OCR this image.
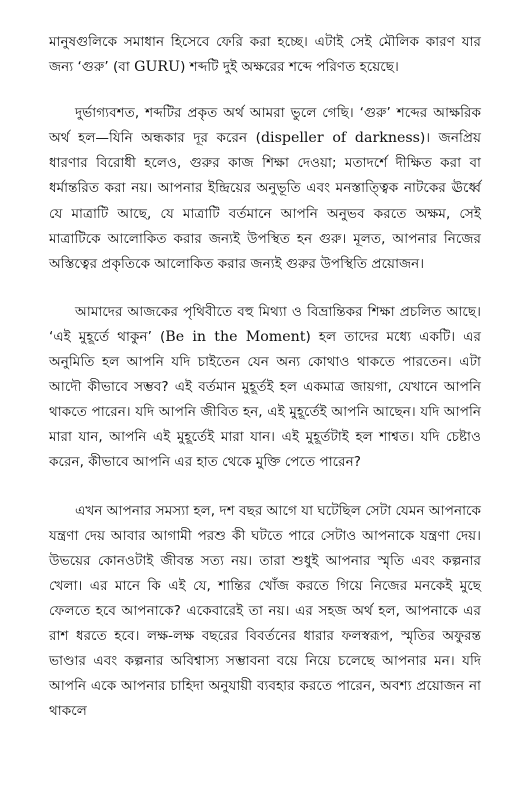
মানুষগুলিকে সমাধান হিসেবে ফেরি করা হচ্ছে। এটাই সেই মৌলিক কারণ যার জন্য ‘গুরু’ (বা GURU) শব্দটি দুই অক্ষরের শব্দে পরিণত হয়েছে।

দুর্ভাগ্যবশত, শব্দটির প্রকৃত অর্থ আমরা ভুলে গেছি। ‘গুরু’ শব্দের আক্ষরিক অর্থ হল—যিনি অন্ধকার দূর করেন (dispeller of darkness)। জনপ্রিয় ধারণার বিরোধী হলেও, গুরুর কাজ শিক্ষা দেওয়া; মতাদর্শে দীক্ষিত করা বা ধর্মান্তরিত করা নয়। আপনার ইন্দ্রিয়ের অনুভূতি এবং মনস্তাত্ত্বিক নাটকের ঊর্ধ্বে যে মাত্রাটি আছে, যে মাত্রাটি বর্তমানে আপনি অনুভব করতে অক্ষম, সেই মাত্রাটিকে আলোকিত করার জন্যই উপস্থিত হন গুরু। মূলত, আপনার নিজের অস্তিত্বের প্রকৃতিকে আলোকিত করার জন্যই গুরুর উপস্থিতি প্রয়োজন।

আমাদের আজকের পৃথিবীতে বহু মিথ্যা ও বিভ্রান্তিকর শিক্ষা প্রচলিত আছে। ‘এই মুহূর্তে থাকুন’ (Be in the Moment) হল তাদের মধ্যে একটি। এর অনুমিতি হল আপনি যদি চাইতেন যেন অন্য কোথাও থাকতে পারতেন। এটা আদৌ কীভাবে সম্ভব? এই বর্তমান মুহূর্তই হল একমাত্র জায়গা, যেখানে আপনি থাকতে পারেন। যদি আপনি জীবিত হন, এই মুহূর্তেই আপনি আছেন। যদি আপনি মারা যান, আপনি এই মুহূর্তেই মারা যান। এই মুহূর্তটাই হল শাশ্বত। যদি চেষ্টাও করেন, কীভাবে আপনি এর হাত থেকে মুক্তি পেতে পারেন?

এখন আপনার সমস্যা হল, দশ বছর আগে যা ঘটেছিল সেটা যেমন আপনাকে যন্ত্রণা দেয় আবার আগামী পরশু কী ঘটতে পারে সেটাও আপনাকে যন্ত্রণা দেয়। উভয়ের কোনওটাই জীবন্ত সত্য নয়। তারা শুধুই আপনার স্মৃতি এবং কল্পনার খেলা। এর মানে কি এই যে, শান্তির খোঁজ করতে গিয়ে নিজের মনকেই মুছে ফেলতে হবে আপনাকে? একেবারেই তা নয়। এর সহজ অর্থ হল, আপনাকে এর রাশ ধরতে হবে। লক্ষ-লক্ষ বছরের বিবর্তনের ধারার ফলস্বরূপ, স্মৃতির অফুরন্ত ভাণ্ডার এবং কল্পনার অবিশ্বাস্য সম্ভাবনা বয়ে নিয়ে চলেছে আপনার মন। যদি আপনি একে আপনার চাহিদা অনুযায়ী ব্যবহার করতে পারেন, অবশ্য প্রয়োজন না থাকলে
